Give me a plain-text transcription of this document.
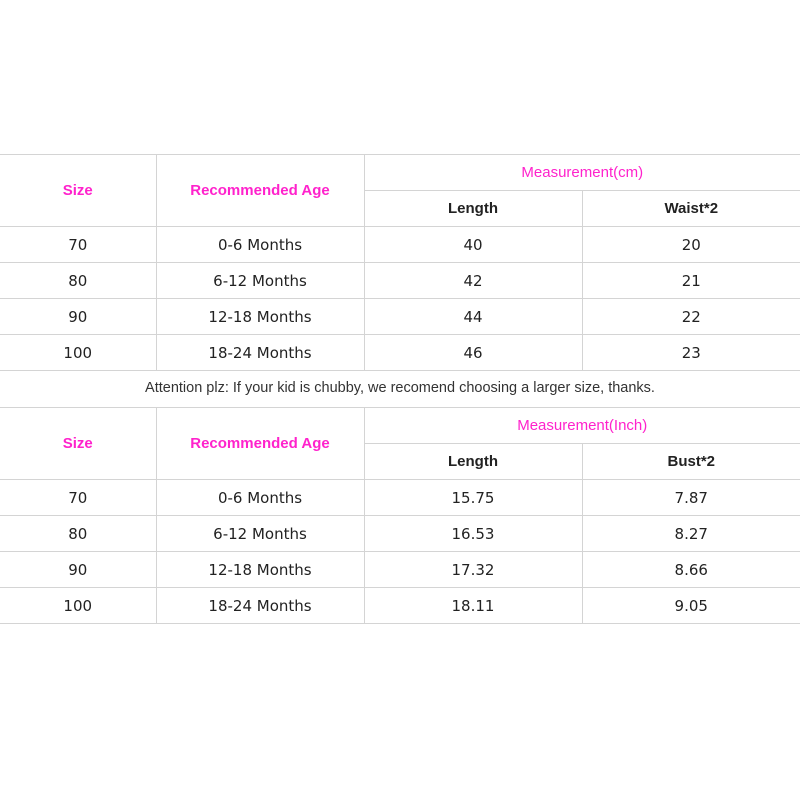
Size	Recommended Age	Measurement(cm)	
		Length	Waist*2
70	0-6 Months	40	20
80	6-12 Months	42	21
90	12-18 Months	44	22
100	18-24 Months	46	23
Attention plz: If your kid is chubby, we recomend choosing a larger size, thanks.
Size	Recommended Age	Measurement(Inch)	
		Length	Bust*2
70	0-6 Months	15.75	7.87
80	6-12 Months	16.53	8.27
90	12-18 Months	17.32	8.66
100	18-24 Months	18.11	9.05
